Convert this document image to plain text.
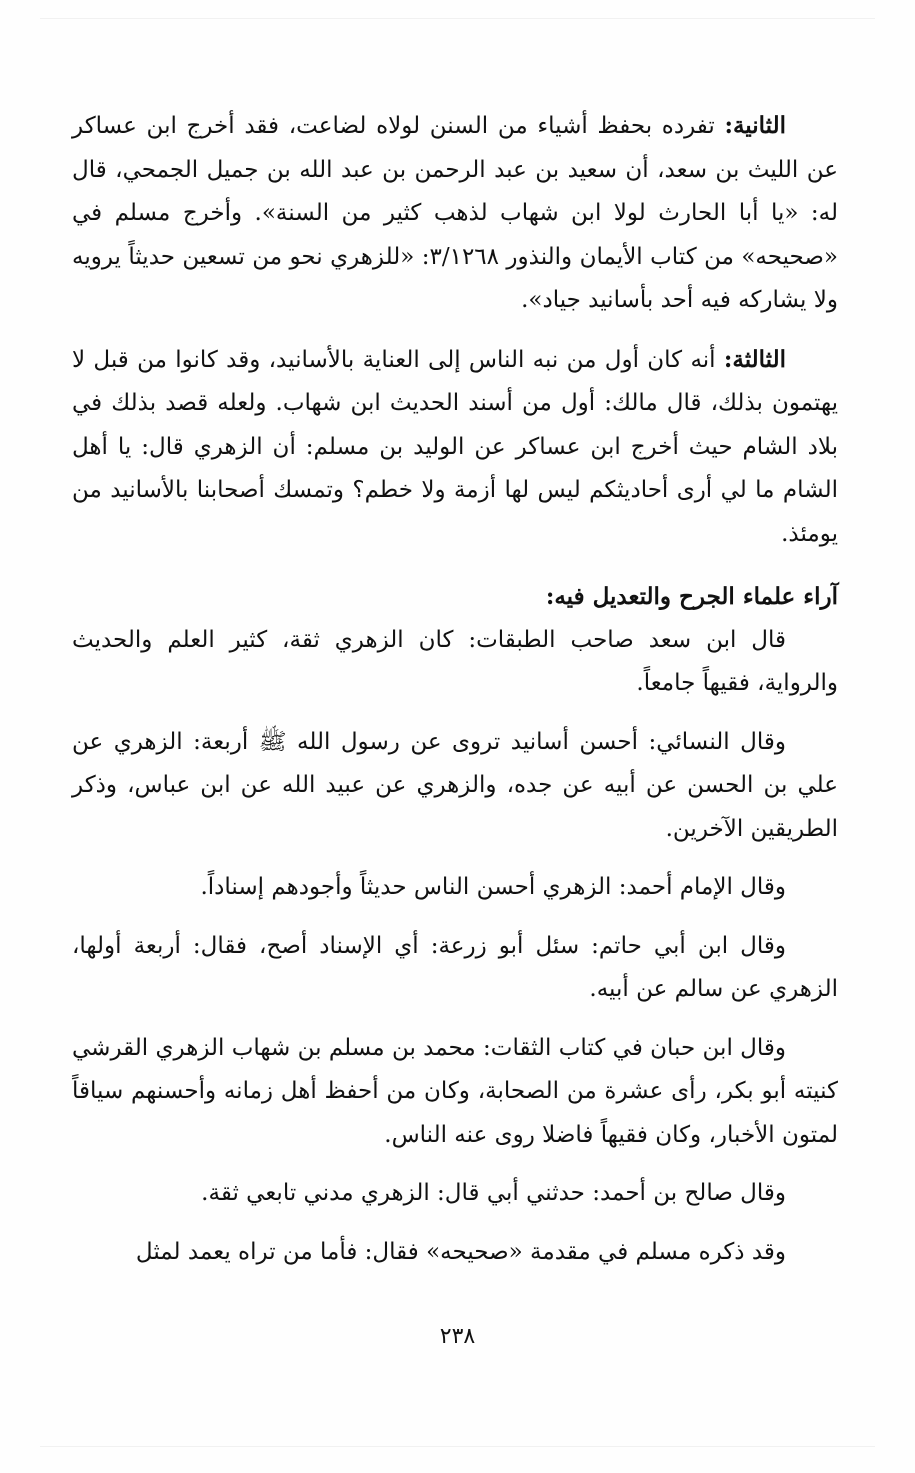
الثانية: تفرده بحفظ أشياء من السنن لولاه لضاعت، فقد أخرج ابن عساكر عن الليث بن سعد، أن سعيد بن عبد الرحمن بن عبد الله بن جميل الجمحي، قال له: «يا أبا الحارث لولا ابن شهاب لذهب كثير من السنة». وأخرج مسلم في «صحيحه» من كتاب الأيمان والنذور ٣/١٢٦٨: «للزهري نحو من تسعين حديثاً يرويه ولا يشاركه فيه أحد بأسانيد جياد».

الثالثة: أنه كان أول من نبه الناس إلى العناية بالأسانيد، وقد كانوا من قبل لا يهتمون بذلك، قال مالك: أول من أسند الحديث ابن شهاب. ولعله قصد بذلك في بلاد الشام حيث أخرج ابن عساكر عن الوليد بن مسلم: أن الزهري قال: يا أهل الشام ما لي أرى أحاديثكم ليس لها أزمة ولا خطم؟ وتمسك أصحابنا بالأسانيد من يومئذ.

آراء علماء الجرح والتعديل فيه:

قال ابن سعد صاحب الطبقات: كان الزهري ثقة، كثير العلم والحديث والرواية، فقيهاً جامعاً.

وقال النسائي: أحسن أسانيد تروى عن رسول الله ﷺ أربعة: الزهري عن علي بن الحسن عن أبيه عن جده، والزهري عن عبيد الله عن ابن عباس، وذكر الطريقين الآخرين.

وقال الإمام أحمد: الزهري أحسن الناس حديثاً وأجودهم إسناداً.

وقال ابن أبي حاتم: سئل أبو زرعة: أي الإسناد أصح، فقال: أربعة أولها، الزهري عن سالم عن أبيه.

وقال ابن حبان في كتاب الثقات: محمد بن مسلم بن شهاب الزهري القرشي كنيته أبو بكر، رأى عشرة من الصحابة، وكان من أحفظ أهل زمانه وأحسنهم سياقاً لمتون الأخبار، وكان فقيهاً فاضلا روى عنه الناس.

وقال صالح بن أحمد: حدثني أبي قال: الزهري مدني تابعي ثقة.

وقد ذكره مسلم في مقدمة «صحيحه» فقال: فأما من تراه يعمد لمثل

٢٣٨
